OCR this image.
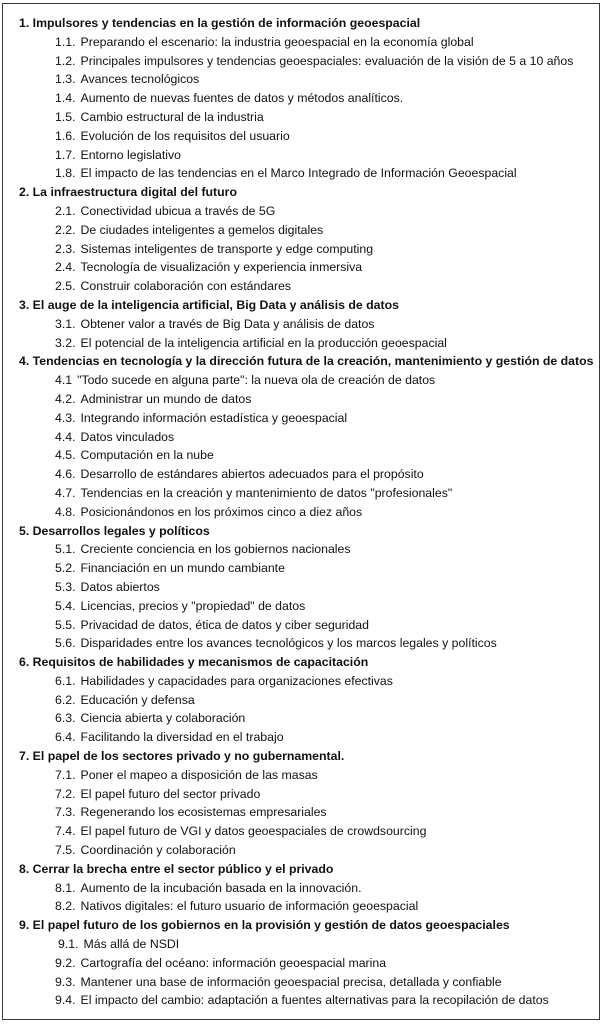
1. Impulsores y tendencias en la gestión de información geoespacial
1.1. Preparando el escenario: la industria geoespacial en la economía global
1.2. Principales impulsores y tendencias geoespaciales: evaluación de la visión de 5 a 10 años
1.3. Avances tecnológicos
1.4. Aumento de nuevas fuentes de datos y métodos analíticos.
1.5. Cambio estructural de la industria
1.6. Evolución de los requisitos del usuario
1.7. Entorno legislativo
1.8. El impacto de las tendencias en el Marco Integrado de Información Geoespacial
2. La infraestructura digital del futuro
2.1. Conectividad ubicua a través de 5G
2.2. De ciudades inteligentes a gemelos digitales
2.3. Sistemas inteligentes de transporte y edge computing
2.4. Tecnología de visualización y experiencia inmersiva
2.5. Construir colaboración con estándares
3. El auge de la inteligencia artificial, Big Data y análisis de datos
3.1. Obtener valor a través de Big Data y análisis de datos
3.2. El potencial de la inteligencia artificial en la producción geoespacial
4. Tendencias en tecnología y la dirección futura de la creación, mantenimiento y gestión de datos
4.1 "Todo sucede en alguna parte": la nueva ola de creación de datos
4.2. Administrar un mundo de datos
4.3. Integrando información estadística y geoespacial
4.4. Datos vinculados
4.5. Computación en la nube
4.6. Desarrollo de estándares abiertos adecuados para el propósito
4.7. Tendencias en la creación y mantenimiento de datos "profesionales"
4.8. Posicionándonos en los próximos cinco a diez años
5. Desarrollos legales y políticos
5.1. Creciente conciencia en los gobiernos nacionales
5.2. Financiación en un mundo cambiante
5.3. Datos abiertos
5.4. Licencias, precios y "propiedad" de datos
5.5. Privacidad de datos, ética de datos y ciber seguridad
5.6. Disparidades entre los avances tecnológicos y los marcos legales y políticos
6. Requisitos de habilidades y mecanismos de capacitación
6.1. Habilidades y capacidades para organizaciones efectivas
6.2. Educación y defensa
6.3. Ciencia abierta y colaboración
6.4. Facilitando la diversidad en el trabajo
7. El papel de los sectores privado y no gubernamental.
7.1. Poner el mapeo a disposición de las masas
7.2. El papel futuro del sector privado
7.3. Regenerando los ecosistemas empresariales
7.4. El papel futuro de VGI y datos geoespaciales de crowdsourcing
7.5. Coordinación y colaboración
8. Cerrar la brecha entre el sector público y el privado
8.1. Aumento de la incubación basada en la innovación.
8.2. Nativos digitales: el futuro usuario de información geoespacial
9. El papel futuro de los gobiernos en la provisión y gestión de datos geoespaciales
9.1. Más allá de NSDI
9.2. Cartografía del océano: información geoespacial marina
9.3. Mantener una base de información geoespacial precisa, detallada y confiable
9.4. El impacto del cambio: adaptación a fuentes alternativas para la recopilación de datos
